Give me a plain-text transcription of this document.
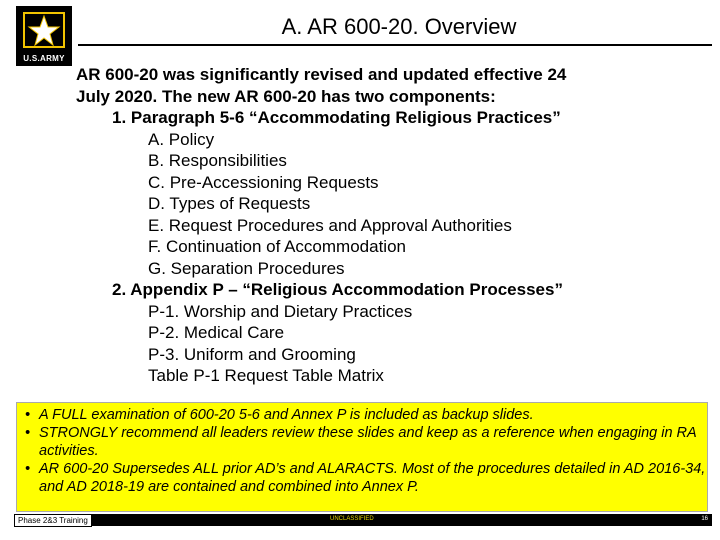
U.S.ARMY
A. AR 600-20. Overview
AR 600-20 was significantly revised and updated effective 24
July 2020. The new AR 600-20 has two components:
1. Paragraph 5-6 “Accommodating Religious Practices”
A. Policy
B. Responsibilities
C. Pre-Accessioning Requests
D. Types of Requests
E. Request Procedures and Approval Authorities
F. Continuation of Accommodation
G. Separation Procedures
2. Appendix P – “Religious Accommodation Processes”
P-1. Worship and Dietary Practices
P-2. Medical Care
P-3. Uniform and Grooming
Table P-1 Request Table Matrix
• A FULL examination of 600-20 5-6 and Annex P is included as backup slides.
• STRONGLY recommend all leaders review these slides and keep as a reference when engaging in RA activities.
• AR 600-20 Supersedes ALL prior AD’s and ALARACTS. Most of the procedures detailed in AD 2016-34, and AD 2018-19 are contained and combined into Annex P.
Phase 2&3 Training	UNCLASSIFIED	16
